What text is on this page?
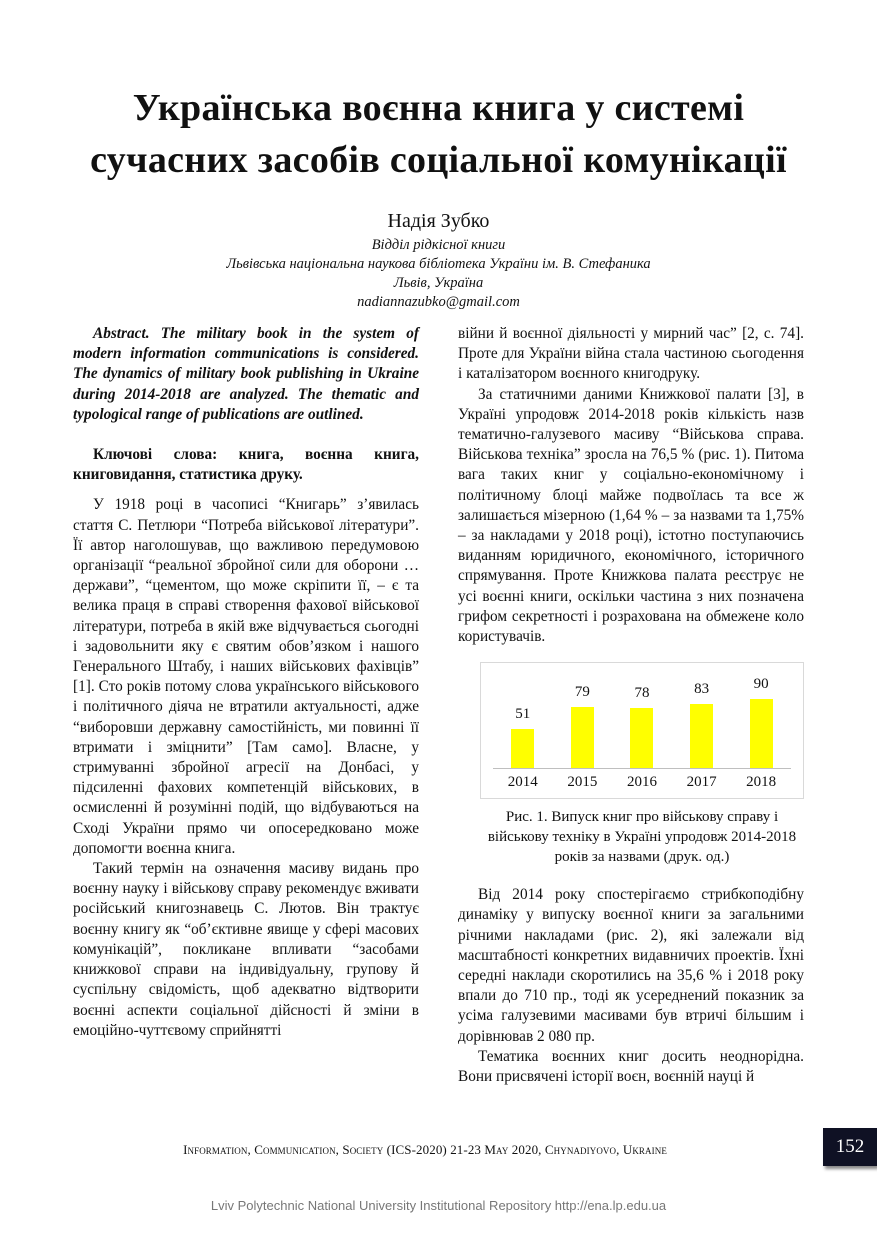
Українська воєнна книга у системі
сучасних засобів соціальної комунікації
Надія Зубко
Відділ рідкісної книги
Львівська національна наукова бібліотека України ім. В. Стефаника
Львів, Україна
nadiannazubko@gmail.com

Abstract. The military book in the system of modern information communications is considered. The dynamics of military book publishing in Ukraine during 2014-2018 are analyzed. The thematic and typological range of publications are outlined.

Ключові слова: книга, воєнна книга, книговидання, статистика друку.

У 1918 році в часописі “Книгарь” з’явилась стаття С. Петлюри “Потреба військової літератури”. Її автор наголошував, що важливою передумовою організації “реальної збройної сили для оборони … держави”, “цементом, що може скріпити її, – є та велика праця в справі створення фахової військової літератури, потреба в якій вже відчувається сьогодні і задовольнити яку є святим обов’язком і нашого Генерального Штабу, і наших військових фахівців” [1]. Сто років потому слова українського військового і політичного діяча не втратили актуальності, адже “виборовши державну самостійність, ми повинні її втримати і зміцнити” [Там само]. Власне, у стримуванні збройної агресії на Донбасі, у підсиленні фахових компетенцій військових, в осмисленні й розумінні подій, що відбуваються на Сході України прямо чи опосередковано може допомогти воєнна книга.

Такий термін на означення масиву видань про воєнну науку і військову справу рекомендує вживати російський книгознавець С. Лютов. Він трактує воєнну книгу як “об’єктивне явище у сфері масових комунікацій”, покликане впливати “засобами книжкової справи на індивідуальну, групову й суспільну свідомість, щоб адекватно відтворити воєнні аспекти соціальної дійсності й зміни в емоційно-чуттєвому сприйнятті

війни й воєнної діяльності у мирний час” [2, с. 74]. Проте для України війна стала частиною сьогодення і каталізатором воєнного книгодруку.

За статичними даними Книжкової палати [3], в Україні упродовж 2014-2018 років кількість назв тематично-галузевого масиву “Військова справа. Військова техніка” зросла на 76,5 % (рис. 1). Питома вага таких книг у соціально-економічному і політичному блоці майже подвоїлась та все ж залишається мізерною (1,64 % – за назвами та 1,75% – за накладами у 2018 році), істотно поступаючись виданням юридичного, економічного, історичного спрямування. Проте Книжкова палата реєструє не усі воєнні книги, оскільки частина з них позначена грифом секретності і розрахована на обмежене коло користувачів.

51
79	78	83	90
2014	2015	2016	2017	2018
Рис. 1. Випуск книг про військову справу і військову техніку в Україні упродовж 2014-2018 років за назвами (друк. од.)

Від 2014 року спостерігаємо стрибкоподібну динаміку у випуску воєнної книги за загальними річними накладами (рис. 2), які залежали від масштабності конкретних видавничих проектів. Їхні середні наклади скоротились на 35,6 % і 2018 року впали до 710 пр., тоді як усереднений показник за усіма галузевими масивами був втричі більшим і дорівнював 2 080 пр.

Тематика воєнних книг досить неоднорідна. Вони присвячені історії воєн, воєнній науці й

Information, Communication, Society (ICS-2020) 21-23 May 2020, Chynadiyovo, Ukraine	152
Lviv Polytechnic National University Institutional Repository http://ena.lp.edu.ua
